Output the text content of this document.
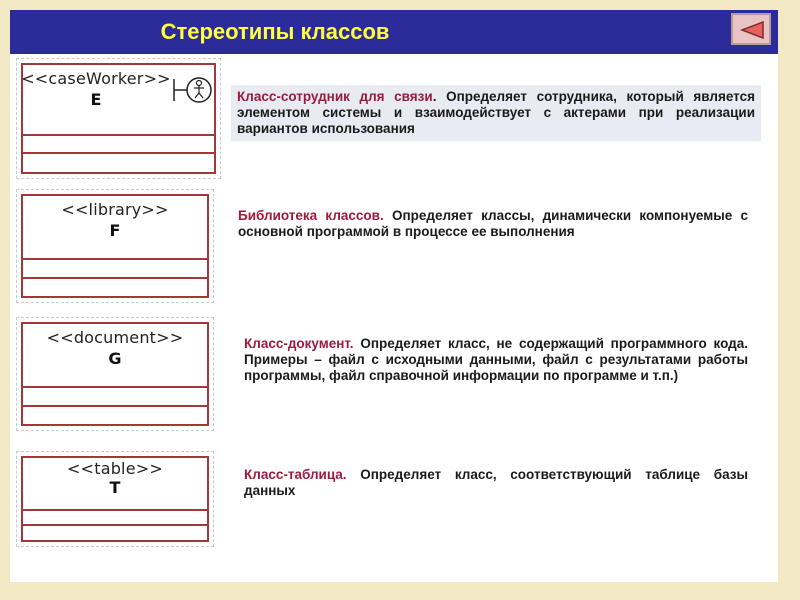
Стереотипы классов
<<caseWorker>>
E
<<library>>
F
<<document>>
G
<<table>>
T
Класс-сотрудник для связи. Определяет сотрудника, который является элементом системы и взаимодействует с актерами при реализации вариантов использования
Библиотека классов. Определяет классы, динамически компонуемые с основной программой в процессе ее выполнения
Класс-документ. Определяет класс, не содержащий программного кода. Примеры – файл с исходными данными, файл с результатами работы программы, файл справочной информации по программе и т.п.)
Класс-таблица. Определяет класс, соответствующий таблице базы данных
